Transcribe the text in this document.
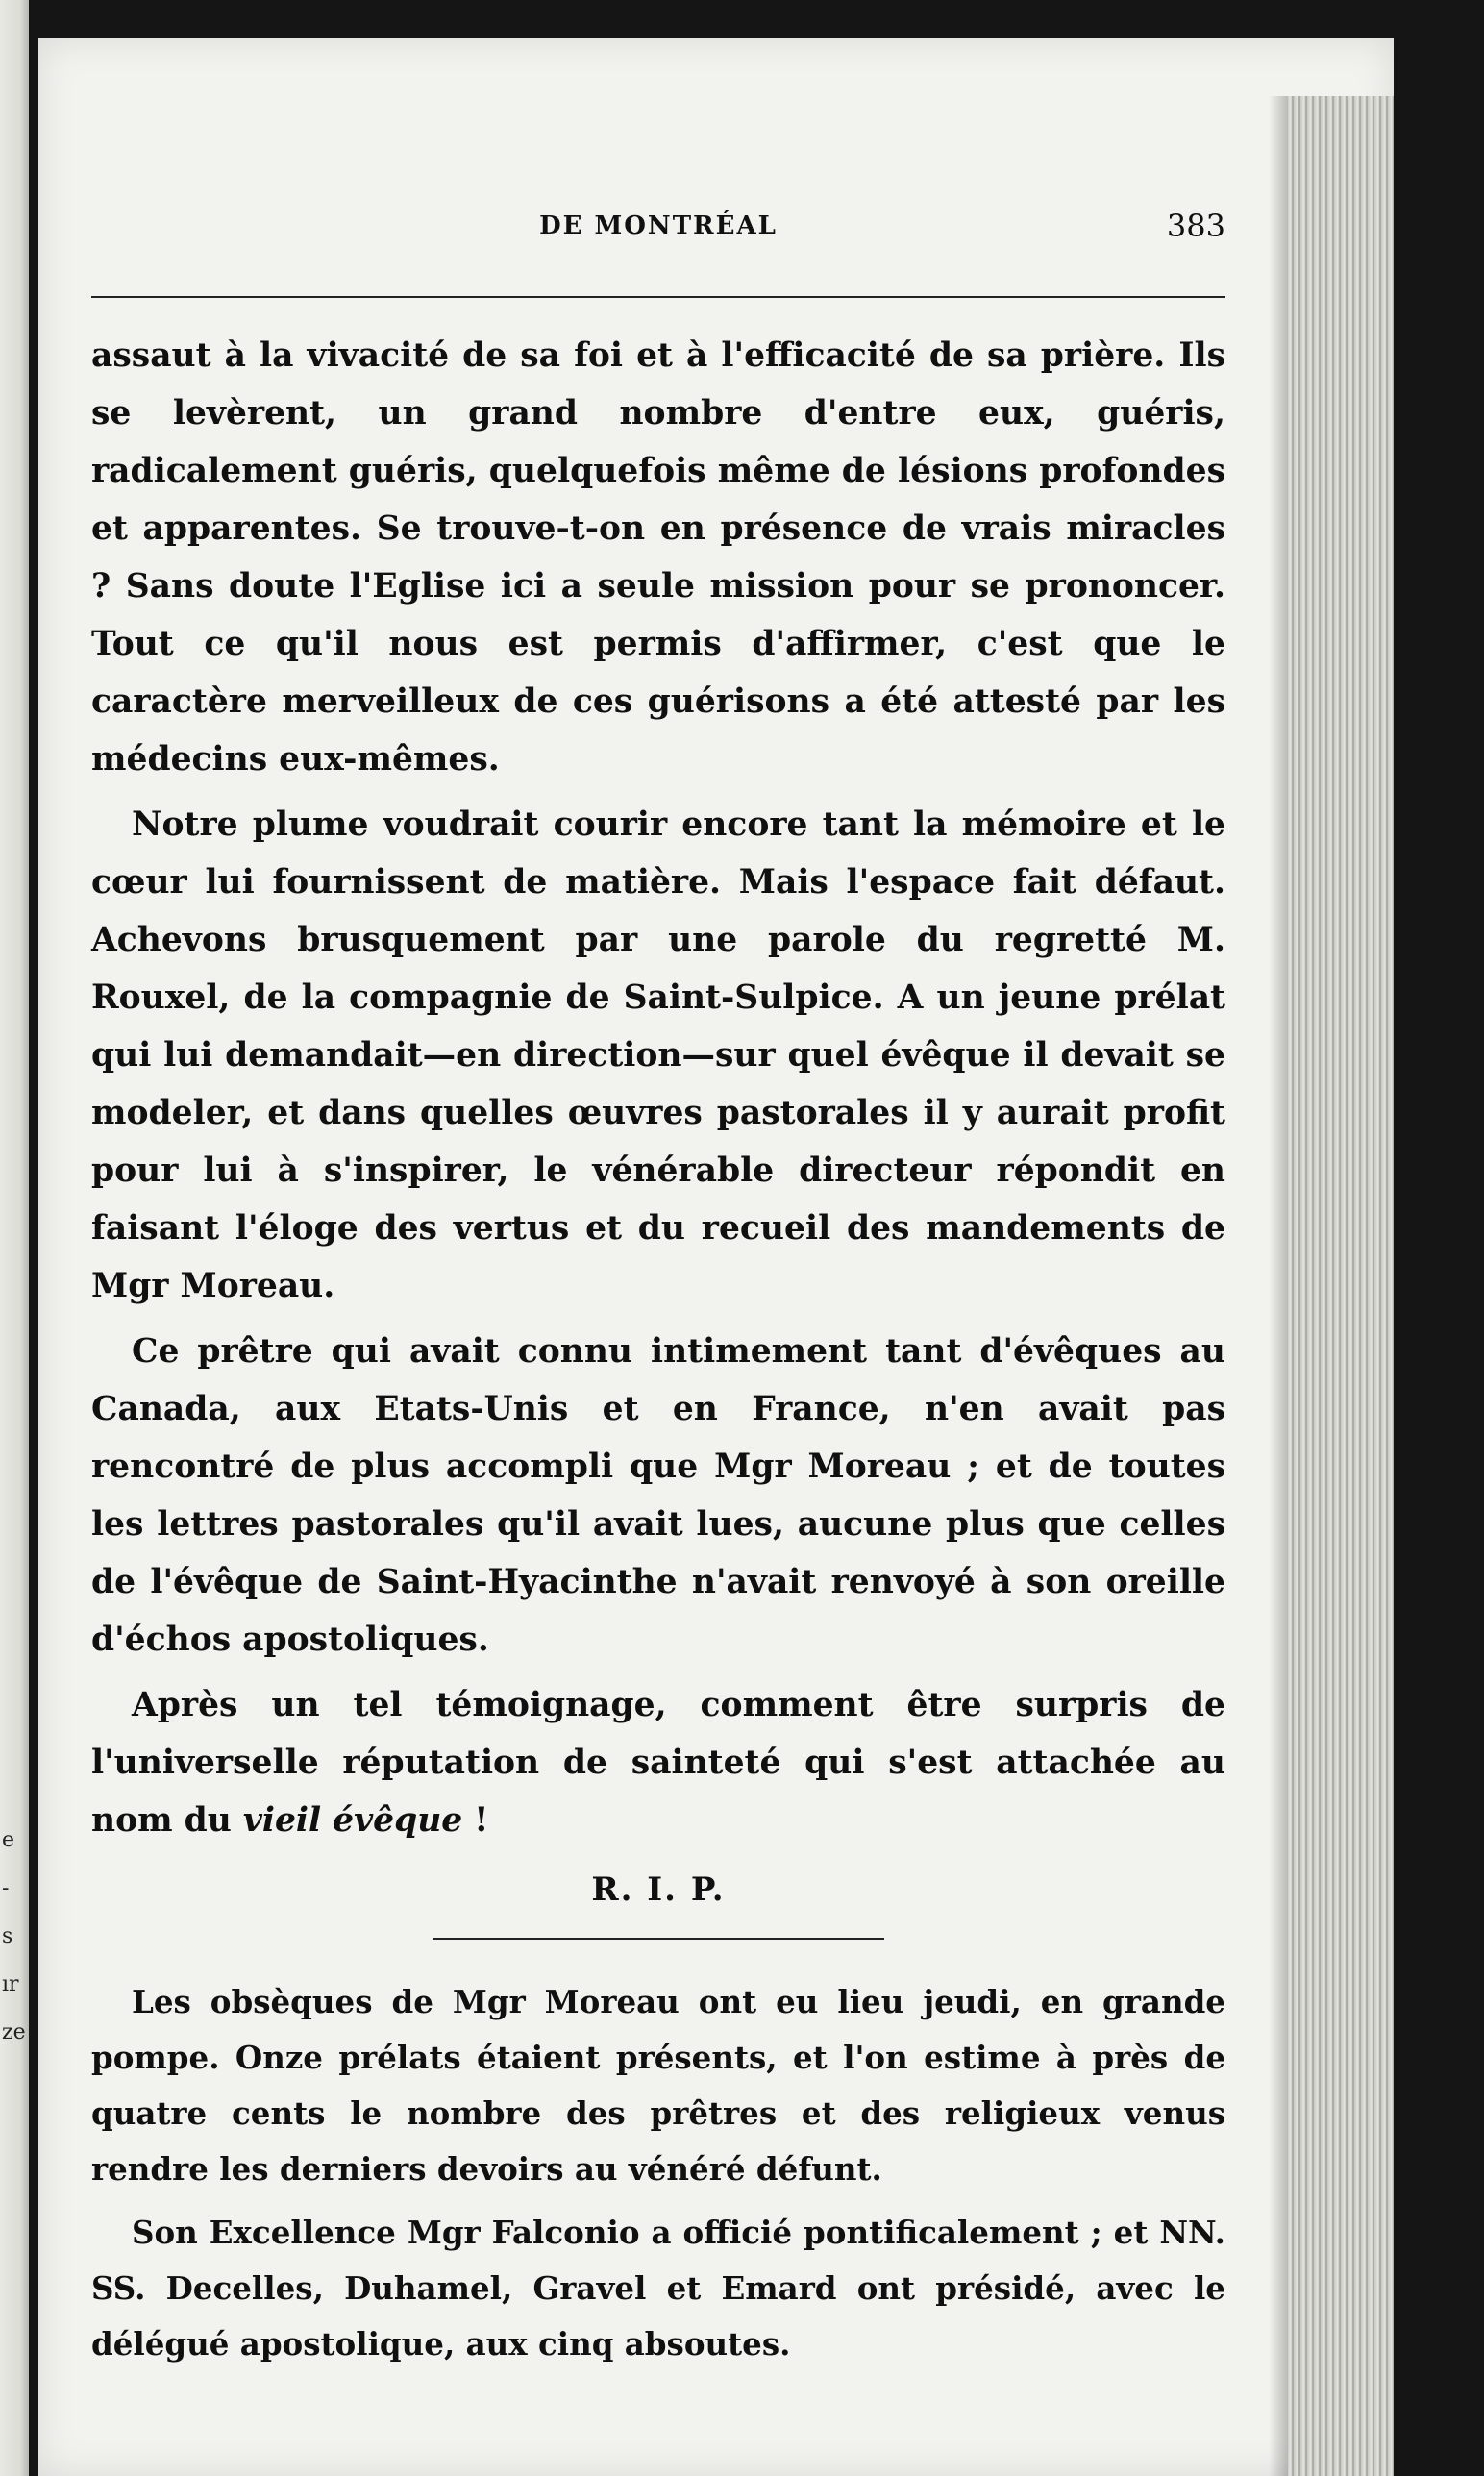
e
-
s
ır
ze
DE MONTRÉAL	383

assaut à la vivacité de sa foi et à l'efficacité de sa prière. Ils se levèrent, un grand nombre d'entre eux, guéris, radicalement guéris, quelquefois même de lésions profondes et apparentes. Se trouve-t-on en présence de vrais miracles ? Sans doute l'Eglise ici a seule mission pour se prononcer. Tout ce qu'il nous est permis d'affirmer, c'est que le caractère merveilleux de ces guérisons a été attesté par les médecins eux-mêmes.

Notre plume voudrait courir encore tant la mémoire et le cœur lui fournissent de matière. Mais l'espace fait défaut. Achevons brusquement par une parole du regretté M. Rouxel, de la compagnie de Saint-Sulpice. A un jeune prélat qui lui demandait—en direction—sur quel évêque il devait se modeler, et dans quelles œuvres pastorales il y aurait profit pour lui à s'inspirer, le vénérable directeur répondit en faisant l'éloge des vertus et du recueil des mandements de Mgr Moreau.

Ce prêtre qui avait connu intimement tant d'évêques au Canada, aux Etats-Unis et en France, n'en avait pas rencontré de plus accompli que Mgr Moreau ; et de toutes les lettres pastorales qu'il avait lues, aucune plus que celles de l'évêque de Saint-Hyacinthe n'avait renvoyé à son oreille d'échos apostoliques.

Après un tel témoignage, comment être surpris de l'universelle réputation de sainteté qui s'est attachée au nom du vieil évêque !

R. I. P.

Les obsèques de Mgr Moreau ont eu lieu jeudi, en grande pompe. Onze prélats étaient présents, et l'on estime à près de quatre cents le nombre des prêtres et des religieux venus rendre les derniers devoirs au vénéré défunt.

Son Excellence Mgr Falconio a officié pontificalement ; et NN. SS. Decelles, Duhamel, Gravel et Emard ont présidé, avec le délégué apostolique, aux cinq absoutes.
